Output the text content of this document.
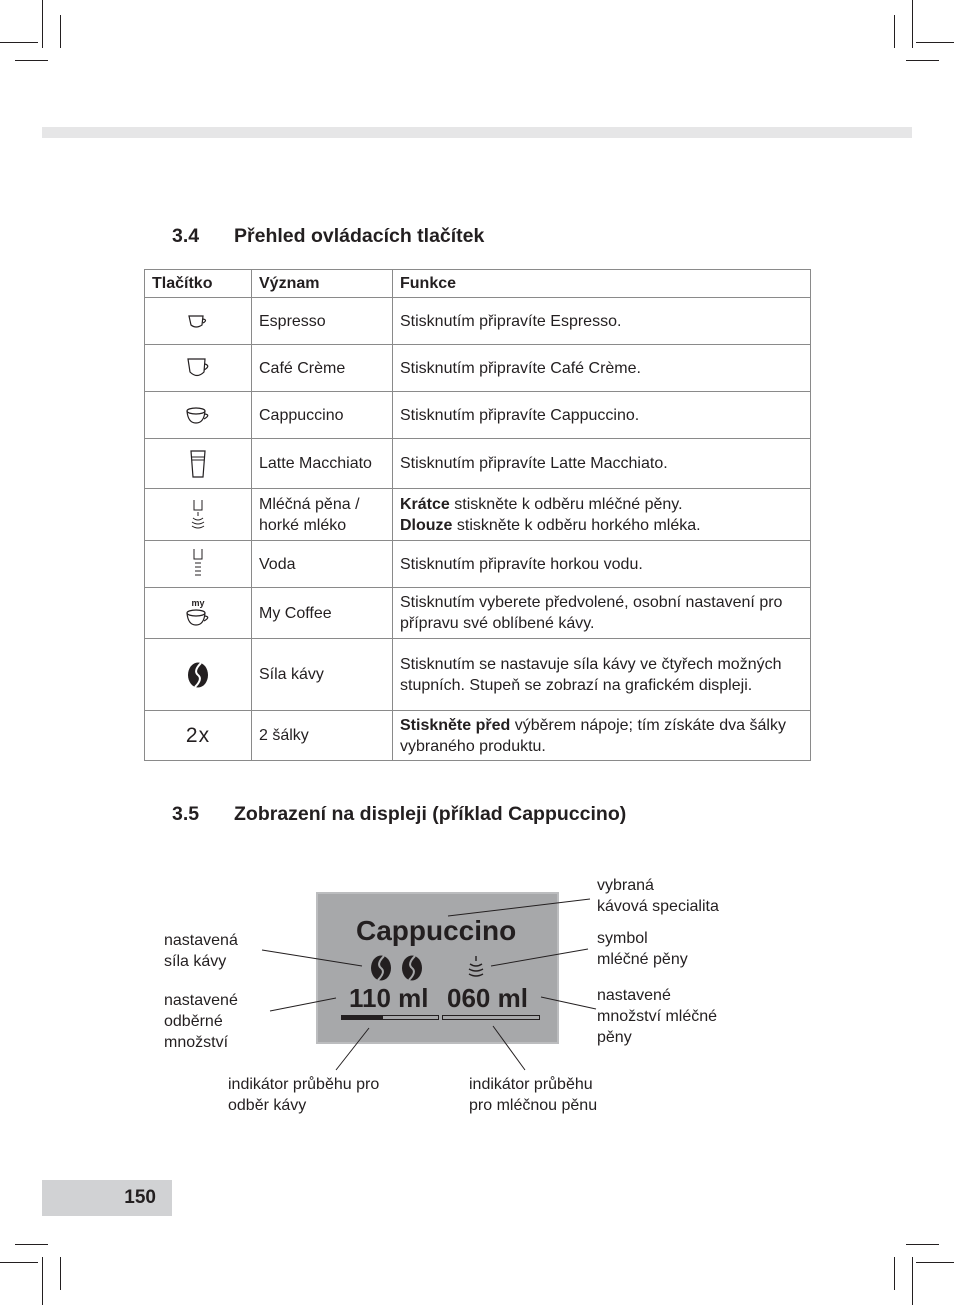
3.4 Přehled ovládacích tlačítek
Tlačítko	Význam	Funkce

	Espresso	Stisknutím připravíte Espresso.

	Café Crème	Stisknutím připravíte Café Crème.

	Cappuccino	Stisknutím připravíte Cappuccino.

	Latte Macchiato	Stisknutím připravíte Latte Macchiato.

	Mléčná pěna / horké mléko	Krátce stiskněte k odběru mléčné pěny.
Dlouze stiskněte k odběru horkého mléka.

	Voda	Stisknutím připravíte horkou vodu.

my	My Coffee	Stisknutím vyberete předvolené, osobní nastavení pro přípravu své oblíbené kávy.

	Síla kávy	Stisknutím se nastavuje síla kávy ve čtyřech možných stupních. Stupeň se zobrazí na grafickém displeji.
2x	2 šálky	Stiskněte před výběrem nápoje; tím získáte dva šálky vybraného produktu.
3.5 Zobrazení na displeji (příklad Cappuccino)
Cappuccino
110 ml 060 ml
vybraná
kávová specialita
nastavená
síla kávy
symbol
mléčné pěny
nastavené
odběrné
množství
nastavené
množství mléčné
pěny
indikátor průběhu pro
odběr kávy
indikátor průběhu
pro mléčnou pěnu
150
